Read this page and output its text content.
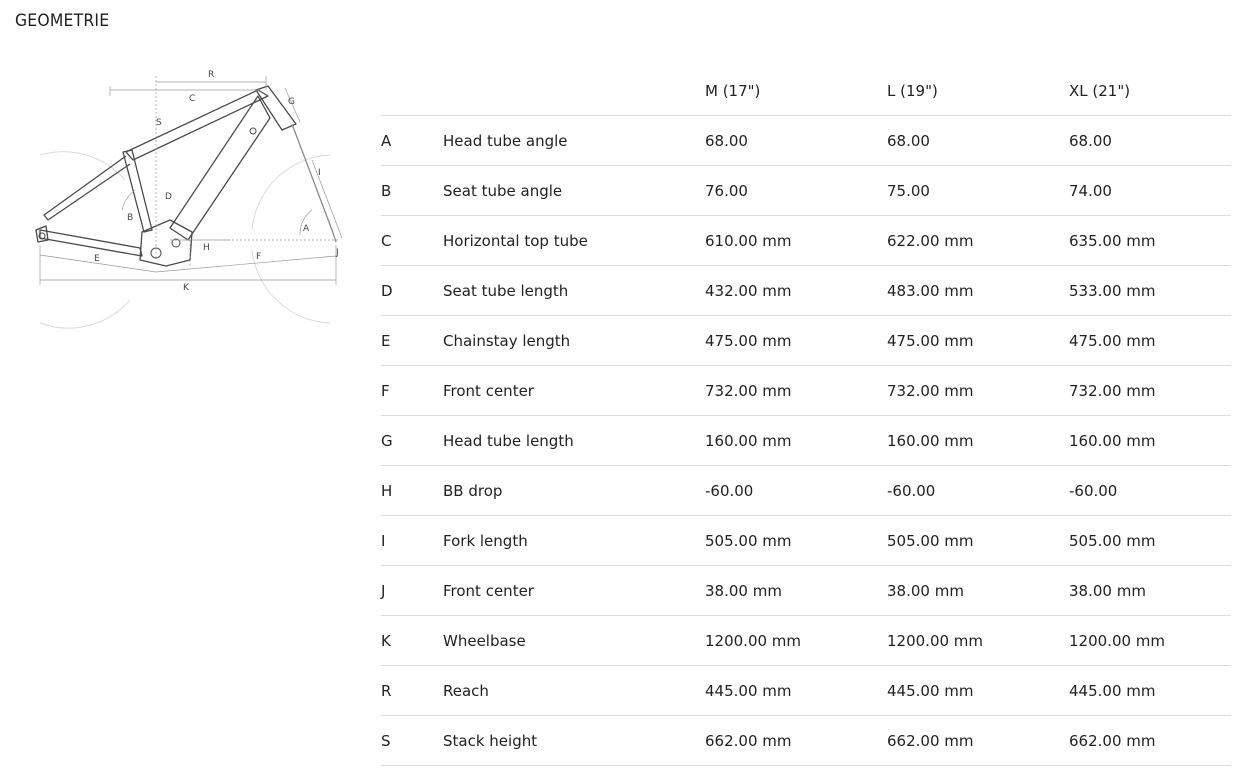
GEOMETRIE
R
C	G
S
I
D
B
A
H	J
E	F
K
		M (17")	L (19")	XL (21")
A	Head tube angle	68.00	68.00	68.00
B	Seat tube angle	76.00	75.00	74.00
C	Horizontal top tube	610.00 mm	622.00 mm	635.00 mm
D	Seat tube length	432.00 mm	483.00 mm	533.00 mm
E	Chainstay length	475.00 mm	475.00 mm	475.00 mm
F	Front center	732.00 mm	732.00 mm	732.00 mm
G	Head tube length	160.00 mm	160.00 mm	160.00 mm
H	BB drop	-60.00	-60.00	-60.00
I	Fork length	505.00 mm	505.00 mm	505.00 mm
J	Front center	38.00 mm	38.00 mm	38.00 mm
K	Wheelbase	1200.00 mm	1200.00 mm	1200.00 mm
R	Reach	445.00 mm	445.00 mm	445.00 mm
S	Stack height	662.00 mm	662.00 mm	662.00 mm
